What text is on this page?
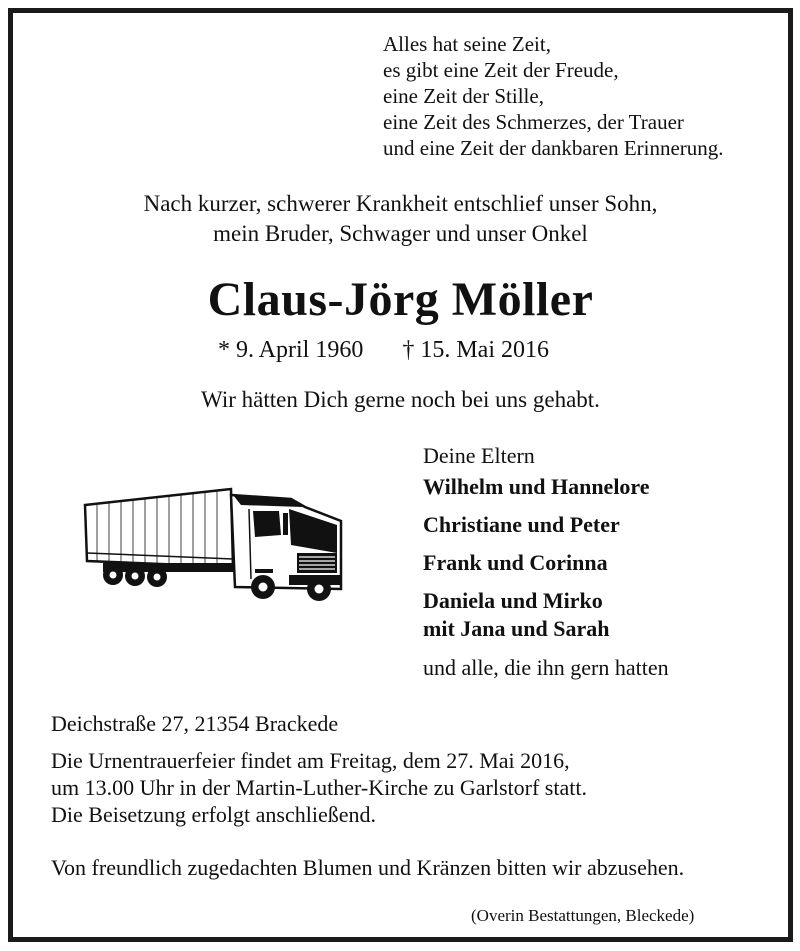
Alles hat seine Zeit,
es gibt eine Zeit der Freude,
eine Zeit der Stille,
eine Zeit des Schmerzes, der Trauer
und eine Zeit der dankbaren Erinnerung.
Nach kurzer, schwerer Krankheit entschlief unser Sohn,
mein Bruder, Schwager und unser Onkel
Claus-Jörg Möller
* 9. April 1960 † 15. Mai 2016
Wir hätten Dich gerne noch bei uns gehabt.
Deine Eltern
Wilhelm und Hannelore
Christiane und Peter
Frank und Corinna
Daniela und Mirko
mit Jana und Sarah
und alle, die ihn gern hatten
Deichstraße 27, 21354 Brackede
Die Urnentrauerfeier findet am Freitag, dem 27. Mai 2016,
um 13.00 Uhr in der Martin-Luther-Kirche zu Garlstorf statt.
Die Beisetzung erfolgt anschließend.
Von freundlich zugedachten Blumen und Kränzen bitten wir abzusehen.
(Overin Bestattungen, Bleckede)
